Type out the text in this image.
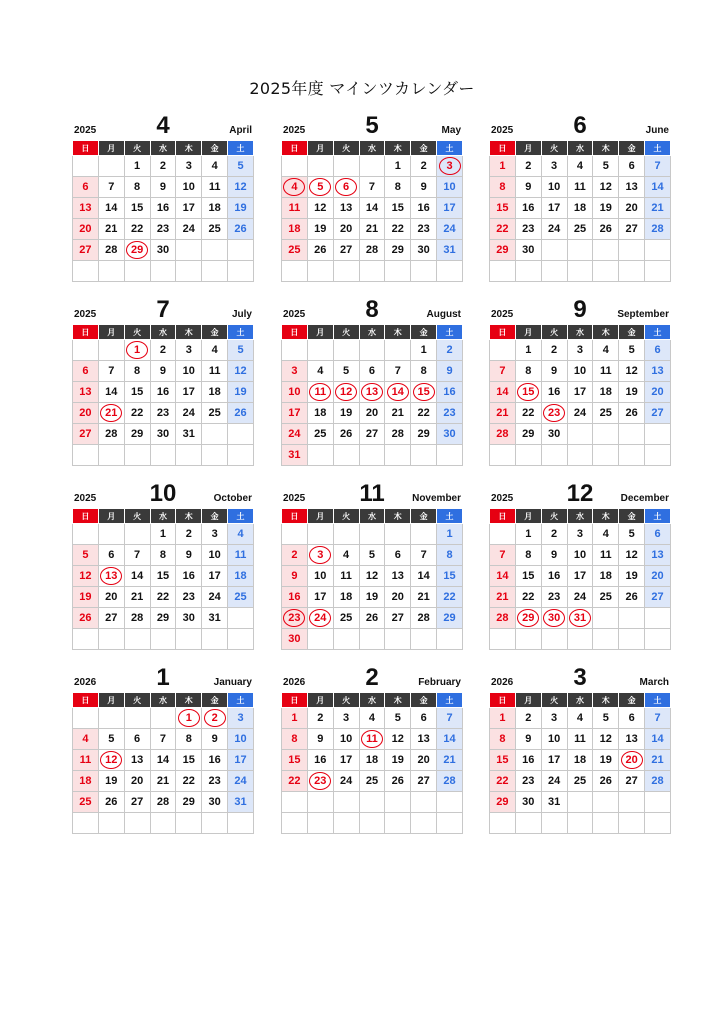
2025年度 マインツカレンダー
2025	4	April
日	月	火	水	木	金	土
		1	2	3	4	5
6	7	8	9	10	11	12
13	14	15	16	17	18	19
20	21	22	23	24	25	26
27	28	29	30			

2025	5	May
日	月	火	水	木	金	土
				1	2	3
4	5	6	7	8	9	10
11	12	13	14	15	16	17
18	19	20	21	22	23	24
25	26	27	28	29	30	31

2025	6	June
日	月	火	水	木	金	土
1	2	3	4	5	6	7
8	9	10	11	12	13	14
15	16	17	18	19	20	21
22	23	24	25	26	27	28
29	30					

2025	7	July
日	月	火	水	木	金	土
		1	2	3	4	5
6	7	8	9	10	11	12
13	14	15	16	17	18	19
20	21	22	23	24	25	26
27	28	29	30	31		

2025	8	August
日	月	火	水	木	金	土
					1	2
3	4	5	6	7	8	9
10	11	12	13	14	15	16
17	18	19	20	21	22	23
24	25	26	27	28	29	30
31						
2025	9	September
日	月	火	水	木	金	土
	1	2	3	4	5	6
7	8	9	10	11	12	13
14	15	16	17	18	19	20
21	22	23	24	25	26	27
28	29	30				

2025	10	October
日	月	火	水	木	金	土
			1	2	3	4
5	6	7	8	9	10	11
12	13	14	15	16	17	18
19	20	21	22	23	24	25
26	27	28	29	30	31	

2025	11	November
日	月	火	水	木	金	土
						1
2	3	4	5	6	7	8
9	10	11	12	13	14	15
16	17	18	19	20	21	22
23	24	25	26	27	28	29
30						
2025	12	December
日	月	火	水	木	金	土
	1	2	3	4	5	6
7	8	9	10	11	12	13
14	15	16	17	18	19	20
21	22	23	24	25	26	27
28	29	30	31			

2026	1	January
日	月	火	水	木	金	土
				1	2	3
4	5	6	7	8	9	10
11	12	13	14	15	16	17
18	19	20	21	22	23	24
25	26	27	28	29	30	31

2026	2	February
日	月	火	水	木	金	土
1	2	3	4	5	6	7
8	9	10	11	12	13	14
15	16	17	18	19	20	21
22	23	24	25	26	27	28

2026	3	March
日	月	火	水	木	金	土
1	2	3	4	5	6	7
8	9	10	11	12	13	14
15	16	17	18	19	20	21
22	23	24	25	26	27	28
29	30	31				
